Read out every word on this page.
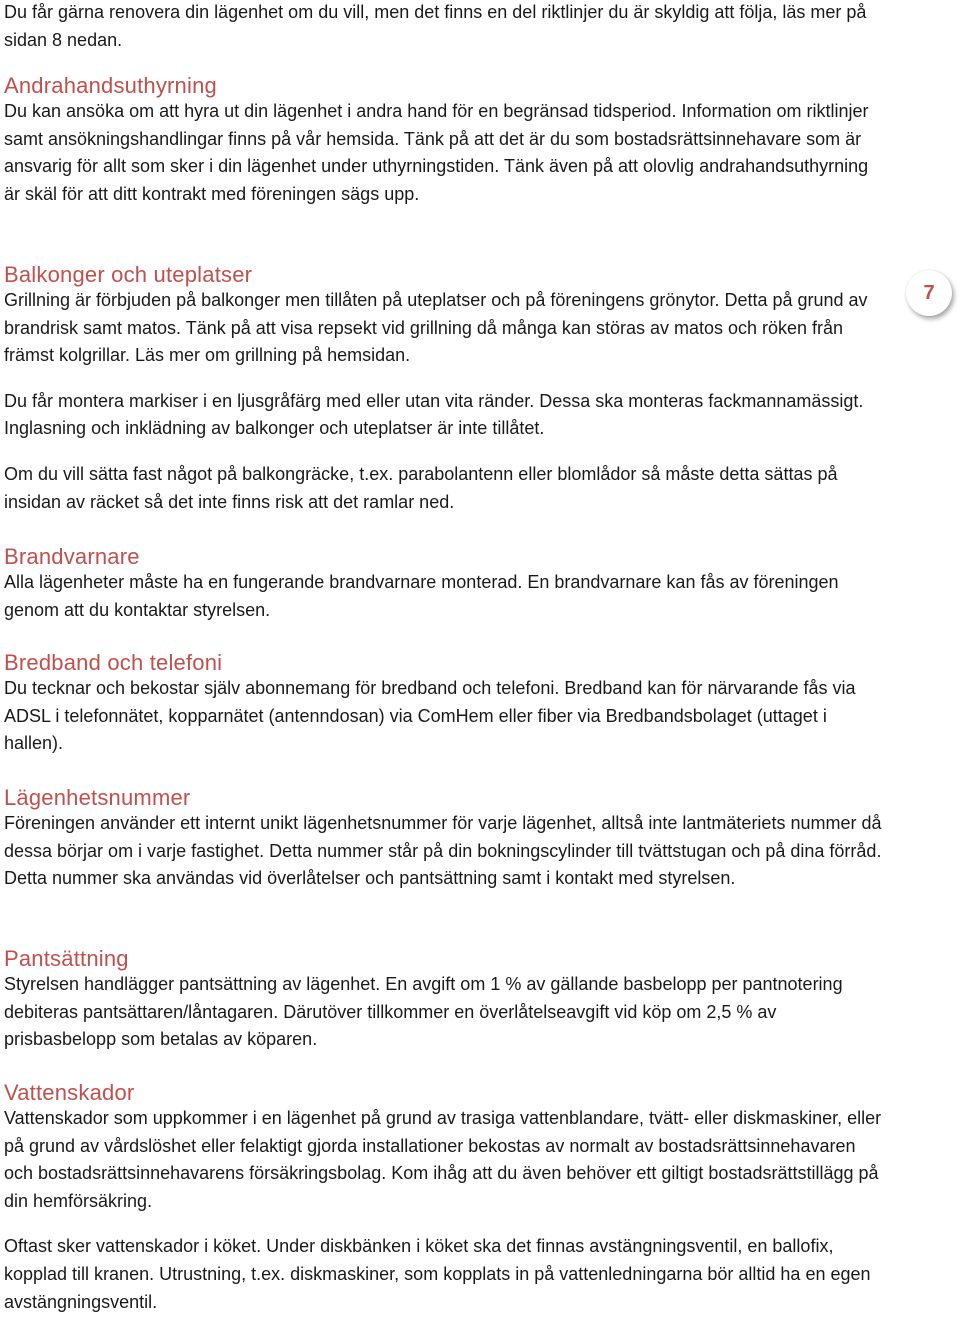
Du får gärna renovera din lägenhet om du vill, men det finns en del riktlinjer du är skyldig att följa, läs mer på sidan 8 nedan.

Andrahandsuthyrning

Du kan ansöka om att hyra ut din lägenhet i andra hand för en begränsad tidsperiod. Information om riktlinjer samt ansökningshandlingar finns på vår hemsida. Tänk på att det är du som bostadsrättsinnehavare som är ansvarig för allt som sker i din lägenhet under uthyrningstiden. Tänk även på att olovlig andrahandsuthyrning är skäl för att ditt kontrakt med föreningen sägs upp.

Balkonger och uteplatser

Grillning är förbjuden på balkonger men tillåten på uteplatser och på föreningens grönytor. Detta på grund av brandrisk samt matos. Tänk på att visa repsekt vid grillning då många kan störas av matos och röken från främst kolgrillar. Läs mer om grillning på hemsidan.

Du får montera markiser i en ljusgråfärg med eller utan vita ränder. Dessa ska monteras fackmannamässigt. Inglasning och inklädning av balkonger och uteplatser är inte tillåtet.

Om du vill sätta fast något på balkongräcke, t.ex. parabolantenn eller blomlådor så måste detta sättas på insidan av räcket så det inte finns risk att det ramlar ned.

Brandvarnare

Alla lägenheter måste ha en fungerande brandvarnare monterad. En brandvarnare kan fås av föreningen genom att du kontaktar styrelsen.

Bredband och telefoni

Du tecknar och bekostar själv abonnemang för bredband och telefoni. Bredband kan för närvarande fås via ADSL i telefonnätet, kopparnätet (antenndosan) via ComHem eller fiber via Bredbandsbolaget (uttaget i hallen).

Lägenhetsnummer

Föreningen använder ett internt unikt lägenhetsnummer för varje lägenhet, alltså inte lantmäteriets nummer då dessa börjar om i varje fastighet. Detta nummer står på din bokningscylinder till tvättstugan och på dina förråd. Detta nummer ska användas vid överlåtelser och pantsättning samt i kontakt med styrelsen.

Pantsättning

Styrelsen handlägger pantsättning av lägenhet. En avgift om 1 % av gällande basbelopp per pantnotering debiteras pantsättaren/låntagaren. Därutöver tillkommer en överlåtelseavgift vid köp om 2,5 % av prisbasbelopp som betalas av köparen.

Vattenskador

Vattenskador som uppkommer i en lägenhet på grund av trasiga vattenblandare, tvätt- eller diskmaskiner, eller på grund av vårdslöshet eller felaktigt gjorda installationer bekostas av normalt av bostadsrättsinnehavaren och bostadsrättsinnehavarens försäkringsbolag. Kom ihåg att du även behöver ett giltigt bostadsrättstillägg på din hemförsäkring.

Oftast sker vattenskador i köket. Under diskbänken i köket ska det finnas avstängningsventil, en ballofix, kopplad till kranen. Utrustning, t.ex. diskmaskiner, som kopplats in på vattenledningarna bör alltid ha en egen avstängningsventil.

7
